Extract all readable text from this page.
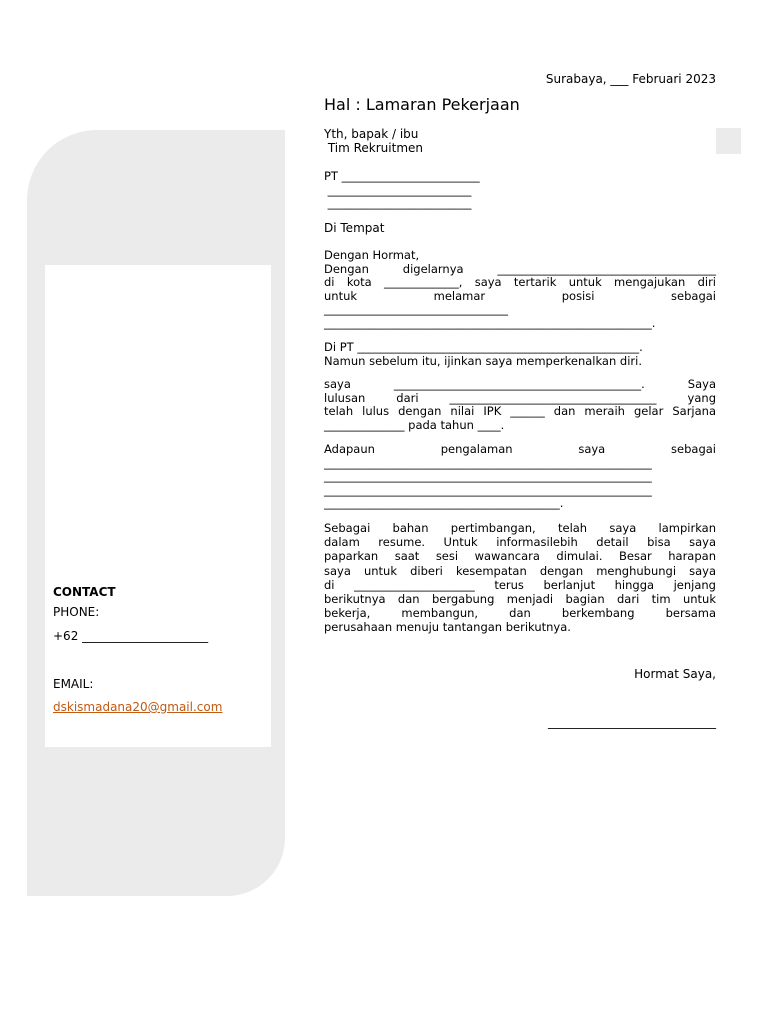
CONTACT
PHONE:
+62 _____________________
EMAIL:
dskismadana20@gmail.com
Surabaya, ___ Februari 2023
Hal : Lamaran Pekerjaan

Yth, bapak / ibu

Tim Rekruitmen

PT ________________________

_________________________

_________________________

Di Tempat

Dengan Hormat,

Dengan digelarnya ______________________________________

di kota _____________, saya tertarik untuk mengajukan diri

untuk melamar posisi sebagai

________________________________

_________________________________________________________.

Di PT _________________________________________________.

Namun sebelum itu, ijinkan saya memperkenalkan diri.

saya ___________________________________________. Saya

lulusan dari ____________________________________ yang

telah lulus dengan nilai IPK ______ dan meraih gelar Sarjana

______________ pada tahun ____.

Adapaun pengalaman saya sebagai

_________________________________________________________

_________________________________________________________

_________________________________________________________

_________________________________________.

Sebagai bahan pertimbangan, telah saya lampirkan

dalam resume. Untuk informasilebih detail bisa saya

paparkan saat sesi wawancara dimulai. Besar harapan

saya untuk diberi kesempatan dengan menghubungi saya

di _____________________ terus berlanjut hingga jenjang

berikutnya dan bergabung menjadi bagian dari tim untuk

bekerja, membangun, dan berkembang bersama

perusahaan menuju tantangan berikutnya.

Hormat Saya,
____________________________
